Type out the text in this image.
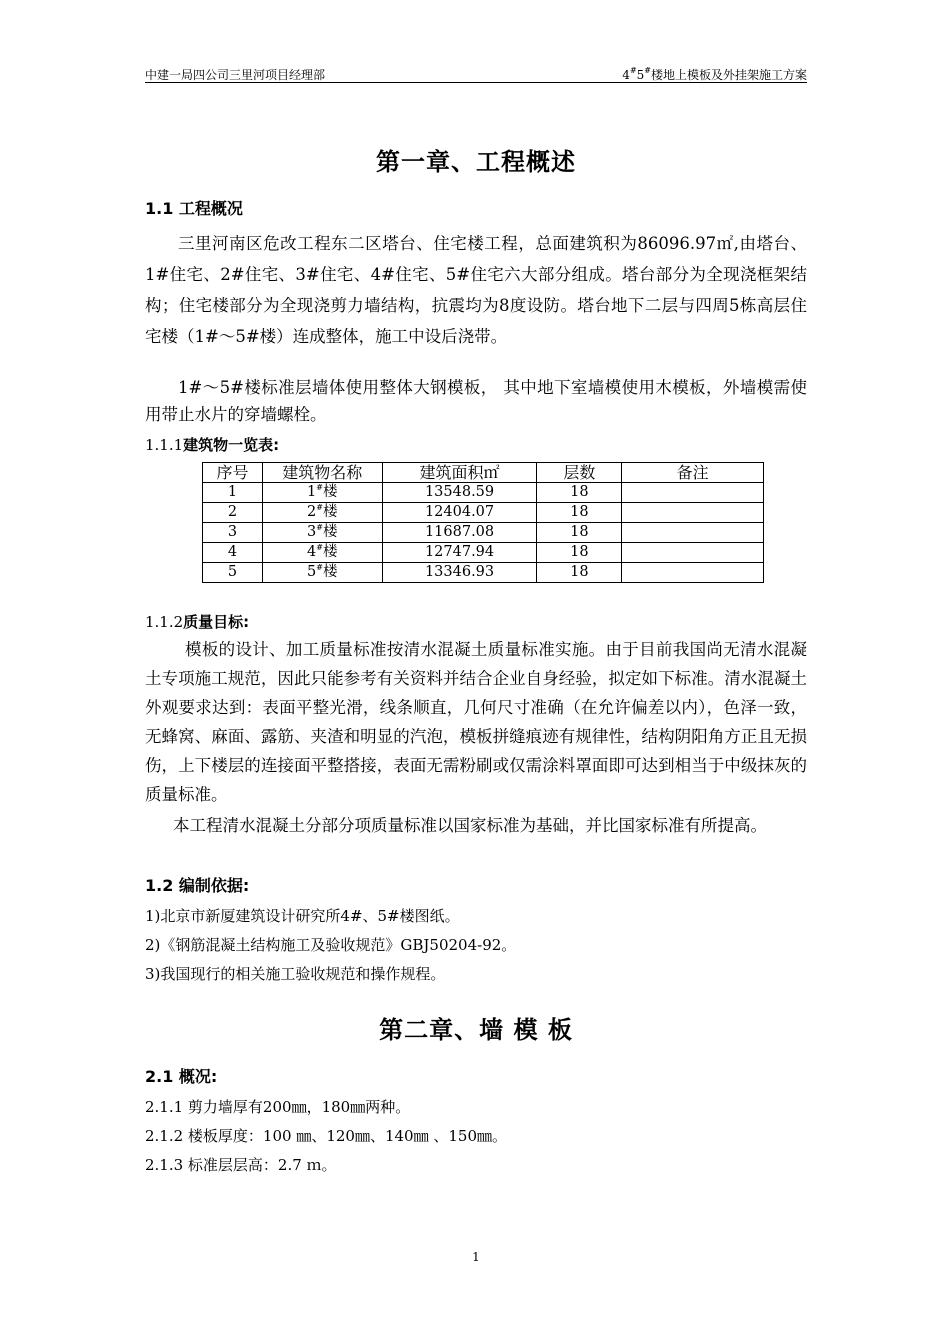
中建一局四公司三里河项目经理部	4#5#楼地上模板及外挂架施工方案
第一章、工程概述
1.1 工程概况
三里河南区危改工程东二区塔台、住宅楼工程，总面建筑积为86096.97㎡,由塔台、1#住宅、2#住宅、3#住宅、4#住宅、5#住宅六大部分组成。塔台部分为全现浇框架结构；住宅楼部分为全现浇剪力墙结构，抗震均为8度设防。塔台地下二层与四周5栋高层住宅楼（1#～5#楼）连成整体，施工中设后浇带。
1#～5#楼标准层墙体使用整体大钢模板， 其中地下室墙模使用木模板，外墙模需使用带止水片的穿墙螺栓。
1.1.1建筑物一览表:
序号	建筑物名称	建筑面积㎡	层数	备注
1	1#楼	13548.59	18	
2	2#楼	12404.07	18	
3	3#楼	11687.08	18	
4	4#楼	12747.94	18	
5	5#楼	13346.93	18	
1.1.2质量目标:
模板的设计、加工质量标准按清水混凝土质量标准实施。由于目前我国尚无清水混凝土专项施工规范，因此只能参考有关资料并结合企业自身经验，拟定如下标准。清水混凝土外观要求达到：表面平整光滑，线条顺直，几何尺寸准确（在允许偏差以内），色泽一致，无蜂窝、麻面、露筋、夹渣和明显的汽泡，模板拼缝痕迹有规律性，结构阴阳角方正且无损伤，上下楼层的连接面平整搭接，表面无需粉刷或仅需涂料罩面即可达到相当于中级抹灰的质量标准。
本工程清水混凝土分部分项质量标准以国家标准为基础，并比国家标准有所提高。
1.2 编制依据:
1)北京市新厦建筑设计研究所4#、5#楼图纸。
2)《钢筋混凝土结构施工及验收规范》GBJ50204-92。
3)我国现行的相关施工验收规范和操作规程。
第二章、墙 模 板
2.1 概况:
2.1.1 剪力墙厚有200㎜，180㎜两种。
2.1.2 楼板厚度：100 ㎜、120㎜、140㎜ 、150㎜。
2.1.3 标准层层高：2.7 ｍ。
1
